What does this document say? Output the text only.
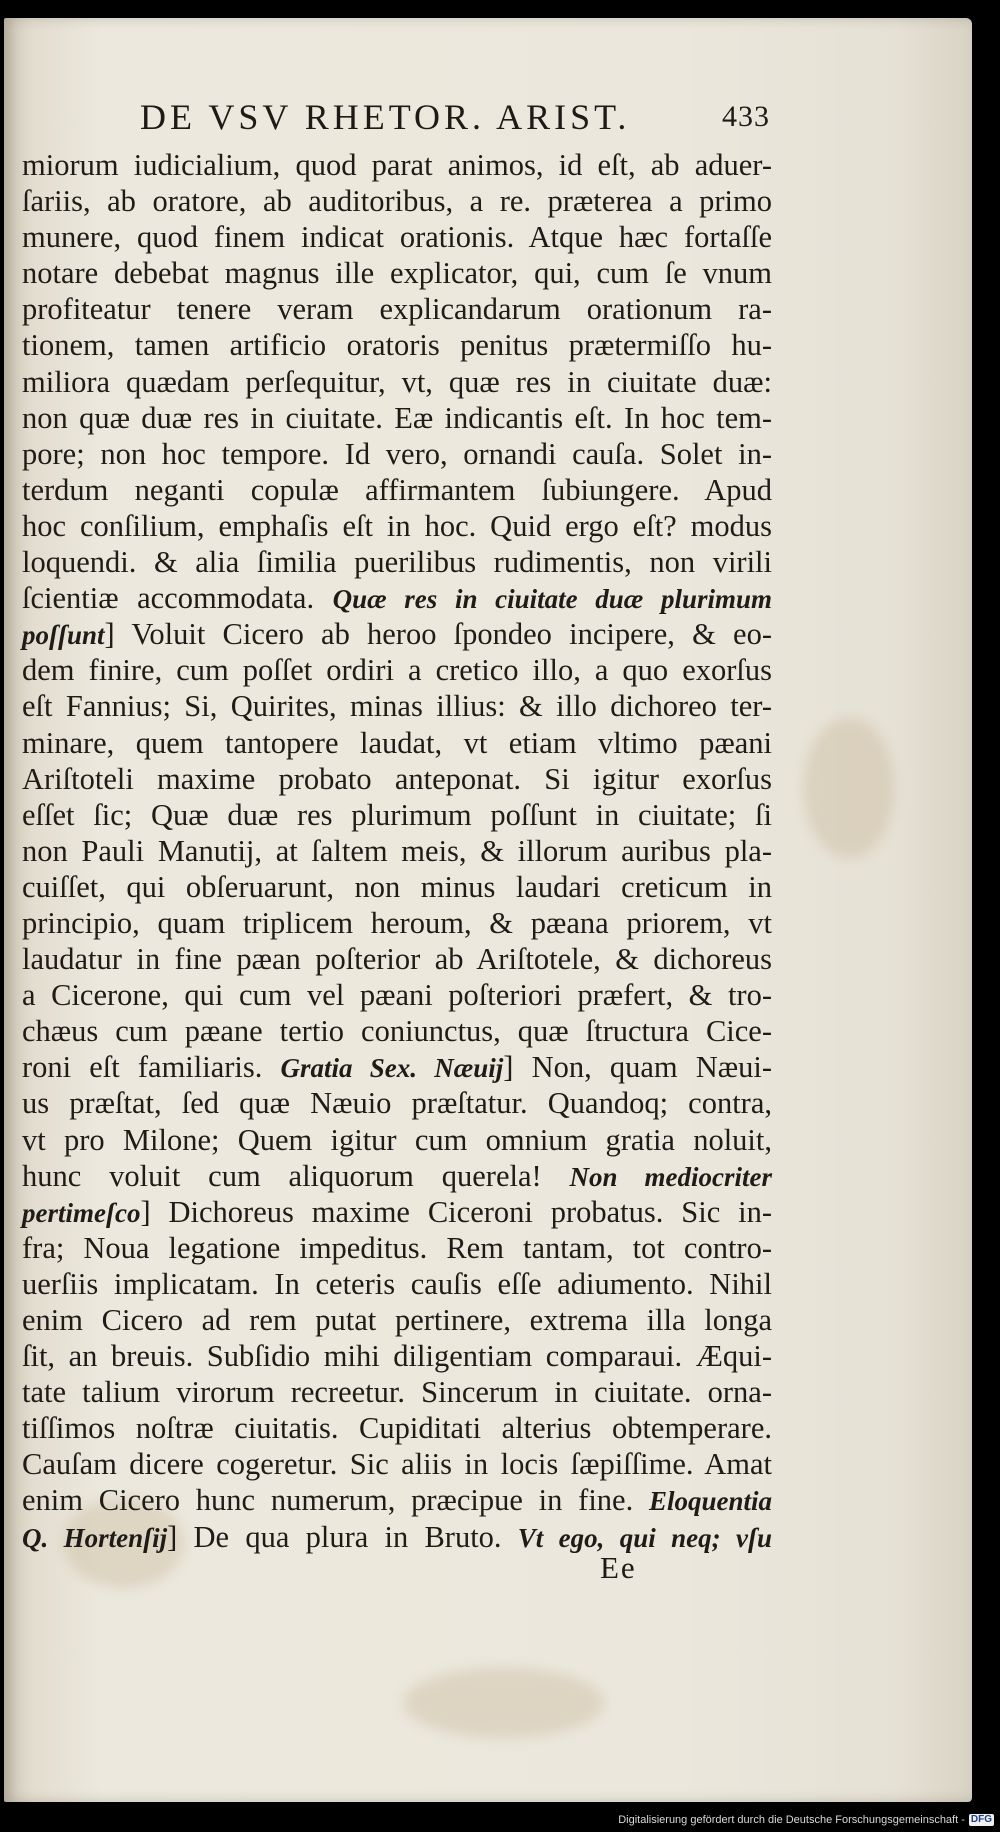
DE VSV RHETOR. ARIST.	433
miorum iudicialium, quod parat animos, id eſt, ab aduer-
ſariis, ab oratore, ab auditoribus, a re. præterea a primo
munere, quod finem indicat orationis. Atque hæc fortaſſe
notare debebat magnus ille explicator, qui, cum ſe vnum
profiteatur tenere veram explicandarum orationum ra-
tionem, tamen artificio oratoris penitus prætermiſſo hu-
miliora quædam perſequitur, vt, quæ res in ciuitate duæ:
non quæ duæ res in ciuitate. Eæ indicantis eſt. In hoc tem-
pore; non hoc tempore. Id vero, ornandi cauſa. Solet in-
terdum neganti copulæ affirmantem ſubiungere. Apud
hoc conſilium, emphaſis eſt in hoc. Quid ergo eſt? modus
loquendi. & alia ſimilia puerilibus rudimentis, non virili
ſcientiæ accommodata. Quæ res in ciuitate duæ plurimum
poſſunt] Voluit Cicero ab heroo ſpondeo incipere, & eo-
dem finire, cum poſſet ordiri a cretico illo, a quo exorſus
eſt Fannius; Si, Quirites, minas illius: & illo dichoreo ter-
minare, quem tantopere laudat, vt etiam vltimo pæani
Ariſtoteli maxime probato anteponat. Si igitur exorſus
eſſet ſic; Quæ duæ res plurimum poſſunt in ciuitate; ſi
non Pauli Manutij, at ſaltem meis, & illorum auribus pla-
cuiſſet, qui obſeruarunt, non minus laudari creticum in
principio, quam triplicem heroum, & pæana priorem, vt
laudatur in fine pæan poſterior ab Ariſtotele, & dichoreus
a Cicerone, qui cum vel pæani poſteriori præfert, & tro-
chæus cum pæane tertio coniunctus, quæ ſtructura Cice-
roni eſt familiaris. Gratia Sex. Næuij] Non, quam Næui-
us præſtat, ſed quæ Næuio præſtatur. Quandoq; contra,
vt pro Milone; Quem igitur cum omnium gratia noluit,
hunc voluit cum aliquorum querela! Non mediocriter
pertimeſco] Dichoreus maxime Ciceroni probatus. Sic in-
fra; Noua legatione impeditus. Rem tantam, tot contro-
uerſiis implicatam. In ceteris cauſis eſſe adiumento. Nihil
enim Cicero ad rem putat pertinere, extrema illa longa
ſit, an breuis. Subſidio mihi diligentiam comparaui. Æqui-
tate talium virorum recreetur. Sincerum in ciuitate. orna-
tiſſimos noſtræ ciuitatis. Cupiditati alterius obtemperare.
Cauſam dicere cogeretur. Sic aliis in locis ſæpiſſime. Amat
enim Cicero hunc numerum, præcipue in fine. Eloquentia
Q. Hortenſij] De qua plura in Bruto. Vt ego, qui neq; vſu
Ee
Digitalisierung gefördert durch die Deutsche Forschungsgemeinschaft - DFG
